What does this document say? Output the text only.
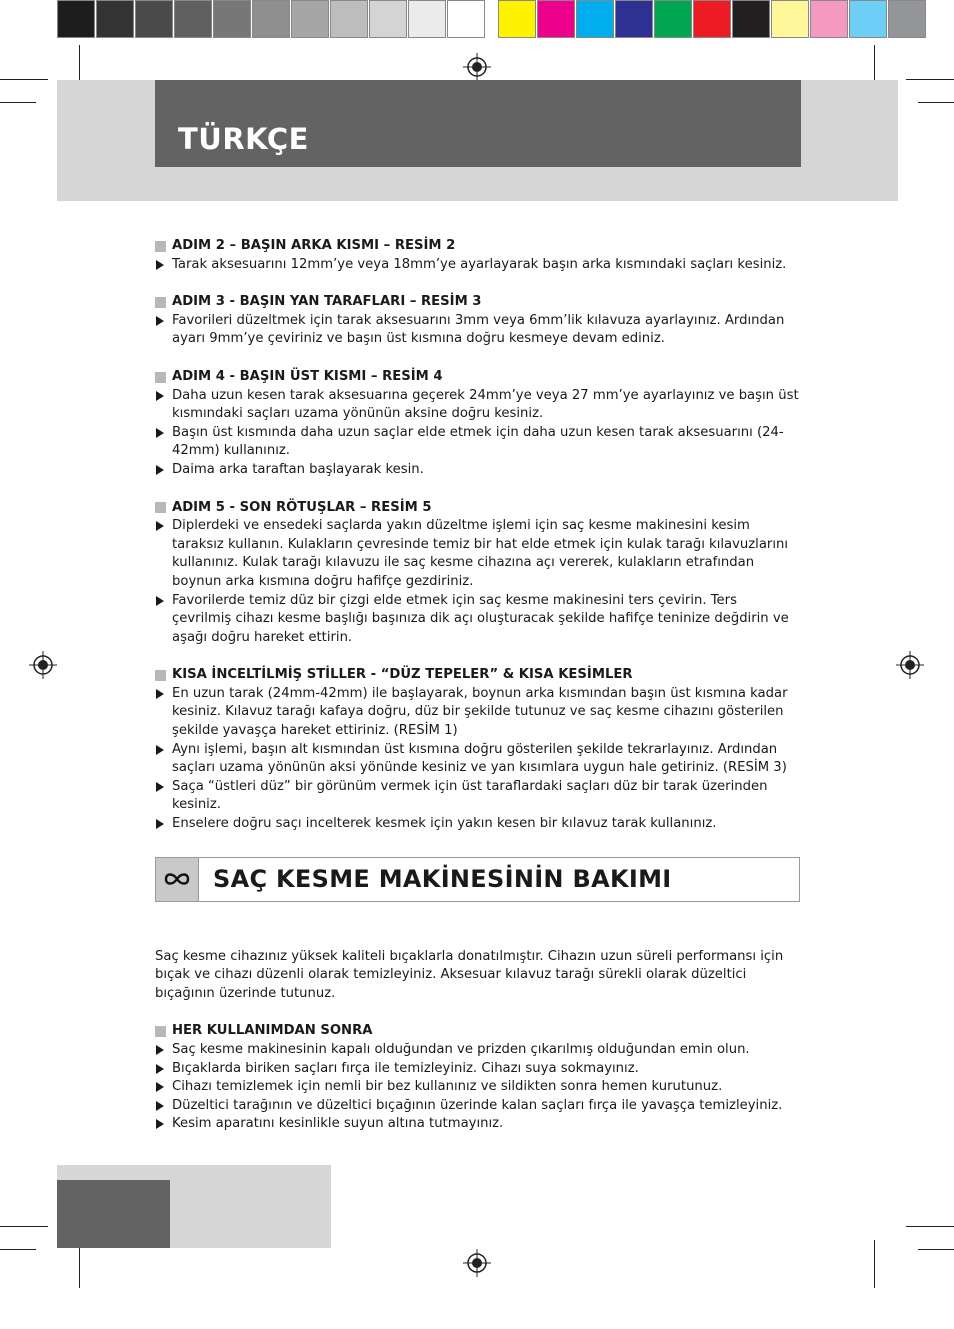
TÜRKÇE
ADIM 2 – BAŞIN ARKA KISMI – RESİM 2
Tarak aksesuarını 12mm’ye veya 18mm’ye ayarlayarak başın arka kısmındaki saçları kesiniz.
ADIM 3 - BAŞIN YAN TARAFLARI – RESİM 3
Favorileri düzeltmek için tarak aksesuarını 3mm veya 6mm’lik kılavuza ayarlayınız. Ardından ayarı 9mm’ye çeviriniz ve başın üst kısmına doğru kesmeye devam ediniz.
ADIM 4 - BAŞIN ÜST KISMI – RESİM 4
Daha uzun kesen tarak aksesuarına geçerek 24mm’ye veya 27 mm’ye ayarlayınız ve başın üst kısmındaki saçları uzama yönünün aksine doğru kesiniz.
Başın üst kısmında daha uzun saçlar elde etmek için daha uzun kesen tarak aksesuarını (24-42mm) kullanınız.
Daima arka taraftan başlayarak kesin.
ADIM 5 - SON RÖTUŞLAR – RESİM 5
Diplerdeki ve ensedeki saçlarda yakın düzeltme işlemi için saç kesme makinesini kesim taraksız kullanın. Kulakların çevresinde temiz bir hat elde etmek için kulak tarağı kılavuzlarını kullanınız. Kulak tarağı kılavuzu ile saç kesme cihazına açı vererek, kulakların etrafından boynun arka kısmına doğru hafifçe gezdiriniz.
Favorilerde temiz düz bir çizgi elde etmek için saç kesme makinesini ters çevirin. Ters çevrilmiş cihazı kesme başlığı başınıza dik açı oluşturacak şekilde hafifçe teninize değdirin ve aşağı doğru hareket ettirin.
KISA İNCELTİLMİŞ STİLLER - “DÜZ TEPELER” & KISA KESİMLER
En uzun tarak (24mm-42mm) ile başlayarak, boynun arka kısmından başın üst kısmına kadar kesiniz. Kılavuz tarağı kafaya doğru, düz bir şekilde tutunuz ve saç kesme cihazını gösterilen şekilde yavaşça hareket ettiriniz. (RESİM 1)
Aynı işlemi, başın alt kısmından üst kısmına doğru gösterilen şekilde tekrarlayınız. Ardından saçları uzama yönünün aksi yönünde kesiniz ve yan kısımlara uygun hale getiriniz. (RESİM 3)
Saça “üstleri düz” bir görünüm vermek için üst taraflardaki saçları düz bir tarak üzerinden kesiniz.
Enselere doğru saçı incelterek kesmek için yakın kesen bir kılavuz tarak kullanınız.
SAÇ KESME MAKİNESİNİN BAKIMI
Saç kesme cihazınız yüksek kaliteli bıçaklarla donatılmıştır. Cihazın uzun süreli performansı için bıçak ve cihazı düzenli olarak temizleyiniz. Aksesuar kılavuz tarağı sürekli olarak düzeltici bıçağının üzerinde tutunuz.
HER KULLANIMDAN SONRA
Saç kesme makinesinin kapalı olduğundan ve prizden çıkarılmış olduğundan emin olun.
Bıçaklarda biriken saçları fırça ile temizleyiniz. Cihazı suya sokmayınız.
Cihazı temizlemek için nemli bir bez kullanınız ve sildikten sonra hemen kurutunuz.
Düzeltici tarağının ve düzeltici bıçağının üzerinde kalan saçları fırça ile yavaşça temizleyiniz.
Kesim aparatını kesinlikle suyun altına tutmayınız.
